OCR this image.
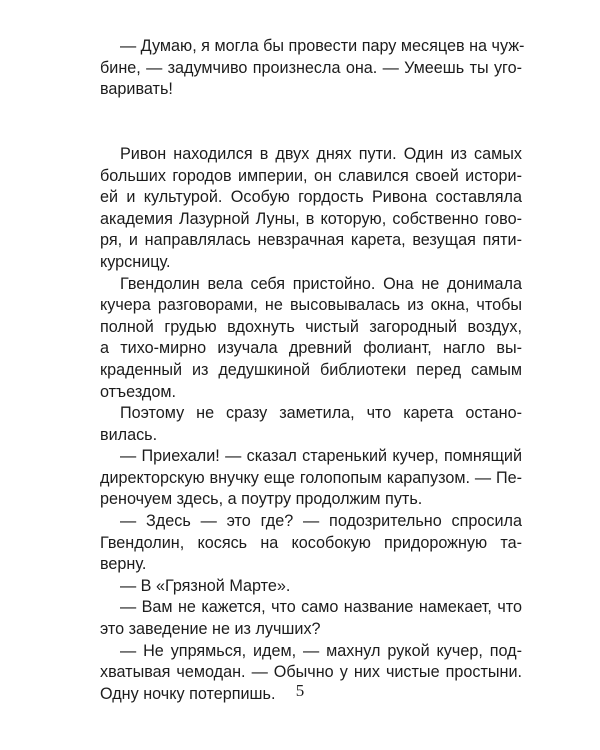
— Думаю, я могла бы провести пару месяцев на чуж-
бине, — задумчиво произнесла она. — Умеешь ты уго-
варивать!
Ривон находился в двух днях пути. Один из самых
больших городов империи, он славился своей истори-
ей и культурой. Особую гордость Ривона составляла
академия Лазурной Луны, в которую, собственно гово-
ря, и направлялась невзрачная карета, везущая пяти-
курсницу.
Гвендолин вела себя пристойно. Она не донимала
кучера разговорами, не высовывалась из окна, чтобы
полной грудью вдохнуть чистый загородный воздух,
а тихо-мирно изучала древний фолиант, нагло вы-
краденный из дедушкиной библиотеки перед самым
отъездом.
Поэтому не сразу заметила, что карета остано-
вилась.
— Приехали! — сказал старенький кучер, помнящий
директорскую внучку еще голопопым карапузом. — Пе-
реночуем здесь, а поутру продолжим путь.
— Здесь — это где? — подозрительно спросила
Гвендолин, косясь на кособокую придорожную та-
верну.
— В «Грязной Марте».
— Вам не кажется, что само название намекает, что
это заведение не из лучших?
— Не упрямься, идем, — махнул рукой кучер, под-
хватывая чемодан. — Обычно у них чистые простыни.
Одну ночку потерпишь.	5
